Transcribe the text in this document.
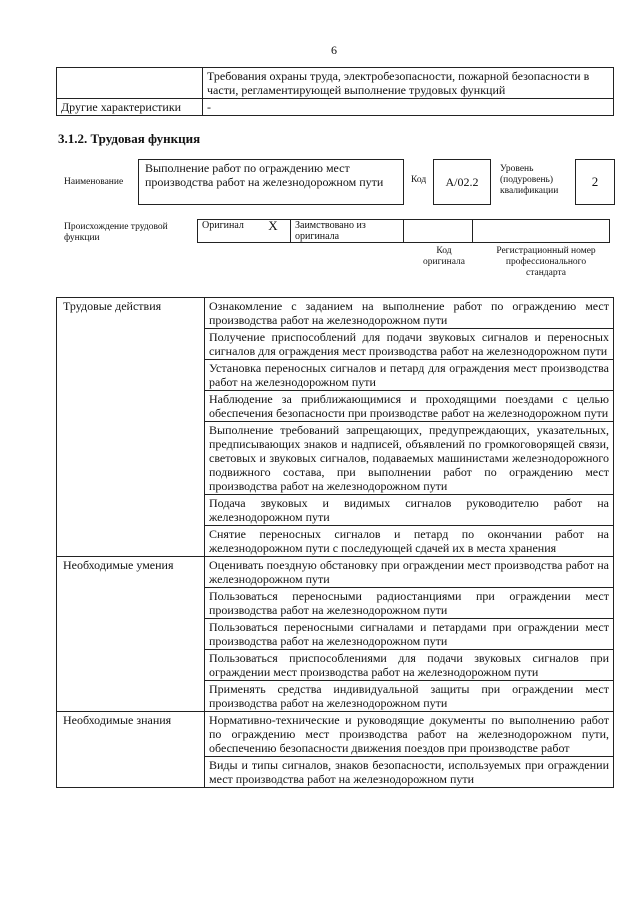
6
	Требования охраны труда, электробезопасности, пожарной безопасности в части, регламентирующей выполнение трудовых функций
Другие характеристики	-
3.1.2. Трудовая функция
Наименование
Выполнение работ по ограждению мест производства работ на железнодорожном пути	Код	А/02.2
Уровень (подуровень) квалификации
2
Происхождение трудовой функции
Оригинал	X	Заимствовано из оригинала		
Код оригинала
Регистрационный номер профессионального стандарта
Трудовые действия	Ознакомление с заданием на выполнение работ по ограждению мест производства работ на железнодорожном пути
	Получение приспособлений для подачи звуковых сигналов и переносных сигналов для ограждения мест производства работ на железнодорожном пути
	Установка переносных сигналов и петард для ограждения мест производства работ на железнодорожном пути
	Наблюдение за приближающимися и проходящими поездами с целью обеспечения безопасности при производстве работ на железнодорожном пути
	Выполнение требований запрещающих, предупреждающих, указательных, предписывающих знаков и надписей, объявлений по громкоговорящей связи, световых и звуковых сигналов, подаваемых машинистами железнодорожного подвижного состава, при выполнении работ по ограждению мест производства работ на железнодорожном пути
	Подача звуковых и видимых сигналов руководителю работ на железнодорожном пути
	Снятие переносных сигналов и петард по окончании работ на железнодорожном пути с последующей сдачей их в места хранения
Необходимые умения	Оценивать поездную обстановку при ограждении мест производства работ на железнодорожном пути
	Пользоваться переносными радиостанциями при ограждении мест производства работ на железнодорожном пути
	Пользоваться переносными сигналами и петардами при ограждении мест производства работ на железнодорожном пути
	Пользоваться приспособлениями для подачи звуковых сигналов при ограждении мест производства работ на железнодорожном пути
	Применять средства индивидуальной защиты при ограждении мест производства работ на железнодорожном пути
Необходимые знания	Нормативно-технические и руководящие документы по выполнению работ по ограждению мест производства работ на железнодорожном пути, обеспечению безопасности движения поездов при производстве работ
	Виды и типы сигналов, знаков безопасности, используемых при ограждении мест производства работ на железнодорожном пути
